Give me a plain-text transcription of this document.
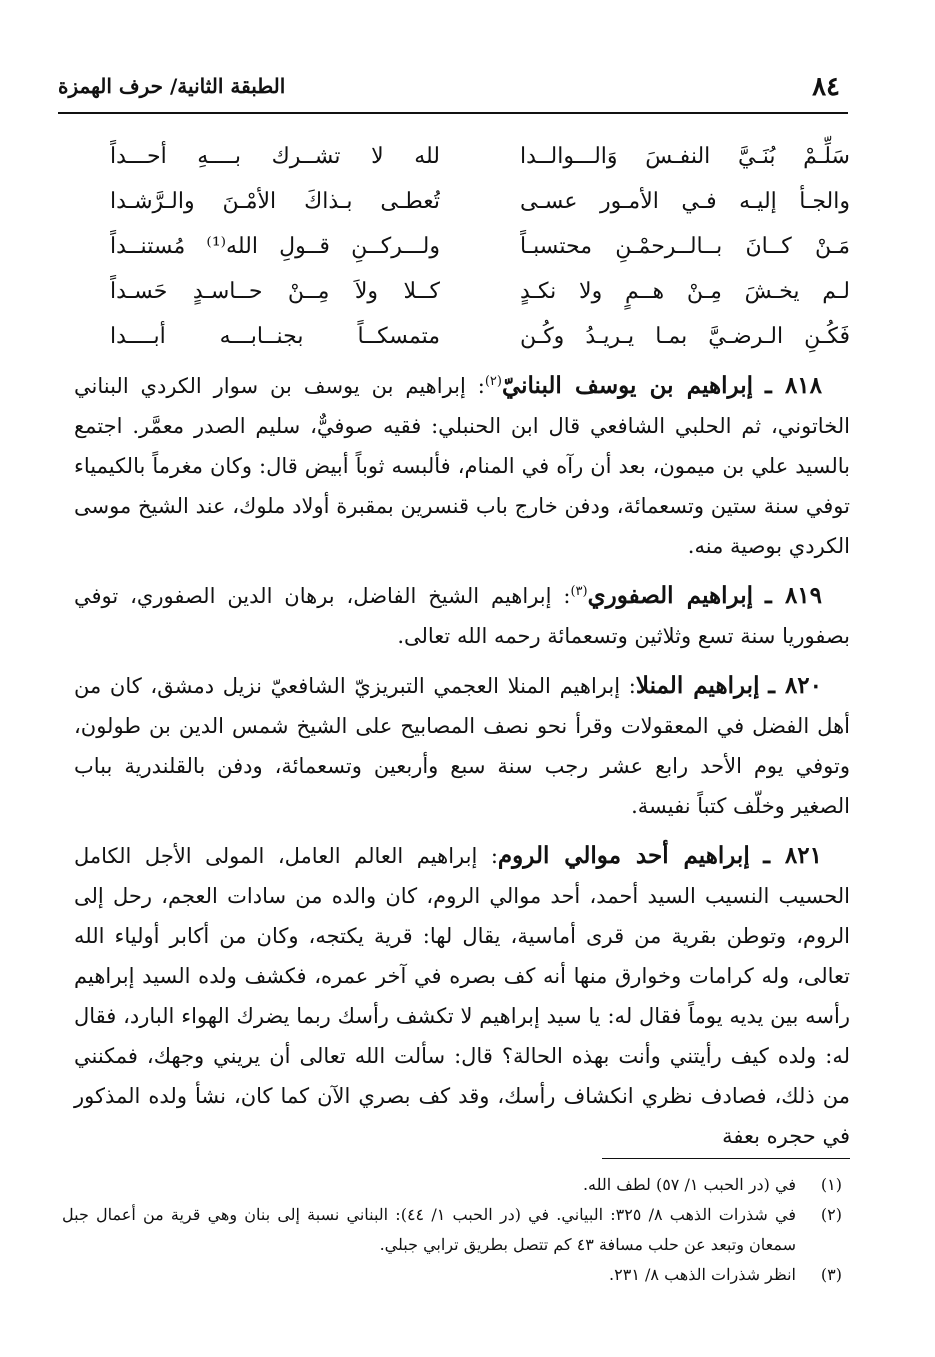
٨٤
الطبقة الثانية/ حرف الهمزة
سَلِّـمْ بُنَـيَّ النفـسَ وَالـــوالــدا
لله لا تشــرك بــــهِ أحـــداً
والجـأ إليـه فـي الأمـور عسـى
تُعطـى بـذاكَ الأمْـنَ والـرَّشـدا
مَـنْ كــانَ بــالــرحمْـنِ محتسبـاً
ولـــركــنِ قــولِ الله⁽¹⁾ مُستنــداً
لـم يخـشَ مِـنْ هــمٍ ولا نكـدٍ
كــلا ولاَ مِــنْ حــاسـدٍ حَسـداً
فَكُـنِ الـرضـيَّ بمـا يـريـدُ وكُـن
متمسكــاً بجنــابـــه أبــــدا

٨١٨ ـ إبراهيم بن يوسف البنانيّ$^{(٢)}$: إبراهيم بن يوسف بن سوار الكردي البناني الخاتوني، ثم الحلبي الشافعي قال ابن الحنبلي: فقيه صوفيٌّ، سليم الصدر معمَّر. اجتمع بالسيد علي بن ميمون، بعد أن رآه في المنام، فألبسه ثوباً أبيض قال: وكان مغرماً بالكيمياء توفي سنة ستين وتسعمائة، ودفن خارج باب قنسرين بمقبرة أولاد ملوك، عند الشيخ موسى الكردي بوصية منه.

٨١٩ ـ إبراهيم الصفوري$^{(٣)}$: إبراهيم الشيخ الفاضل، برهان الدين الصفوري، توفي بصفوريا سنة تسع وثلاثين وتسعمائة رحمه الله تعالى.

٨٢٠ ـ إبراهيم المنلا: إبراهيم المنلا العجمي التبريزيّ الشافعيّ نزيل دمشق، كان من أهل الفضل في المعقولات وقرأ نحو نصف المصابيح على الشيخ شمس الدين بن طولون، وتوفي يوم الأحد رابع عشر رجب سنة سبع وأربعين وتسعمائة، ودفن بالقلندرية بباب الصغير وخلّف كتباً نفيسة.

٨٢١ ـ إبراهيم أحد موالي الروم: إبراهيم العالم العامل، المولى الأجل الكامل الحسيب النسيب السيد أحمد، أحد موالي الروم، كان والده من سادات العجم، رحل إلى الروم، وتوطن بقرية من قرى أماسية، يقال لها: قرية يكتجه، وكان من أكابر أولياء الله تعالى، وله كرامات وخوارق منها أنه كف بصره في آخر عمره، فكشف ولده السيد إبراهيم رأسه بين يديه يوماً فقال له: يا سيد إبراهيم لا تكشف رأسك ربما يضرك الهواء البارد، فقال له: ولده كيف رأيتني وأنت بهذه الحالة؟ قال: سألت الله تعالى أن يريني وجهك، فمكنني من ذلك، فصادف نظري انكشاف رأسك، وقد كف بصري الآن كما كان، نشأ ولده المذكور في حجره بعفة

(١)
في (در الحبب ١/ ٥٧) لطف الله.
(٢)
في شذرات الذهب ٨/ ٣٢٥: البياني. في (در الحبب ١/ ٤٤): البناني نسبة إلى بنان وهي قرية من أعمال جبل سمعان وتبعد عن حلب مسافة ٤٣ كم تتصل بطريق ترابي جبلي.
(٣)
انظر شذرات الذهب ٨/ ٢٣١.
